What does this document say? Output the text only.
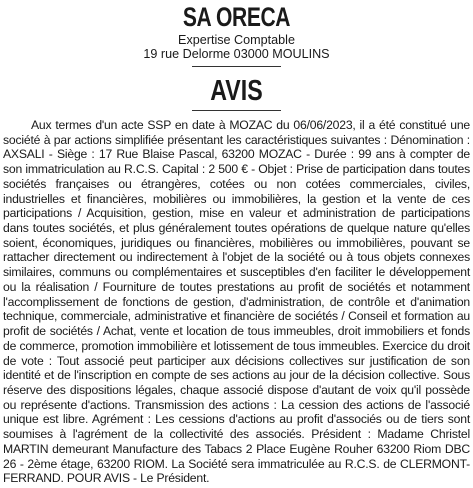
SA ORECA

Expertise Comptable

19 rue Delorme 03000 MOULINS

AVIS

Aux termes d'un acte SSP en date à MOZAC du 06/06/2023, il a été constitué une société à par actions simplifiée présentant les caractéristiques suivantes : Dénomination : AXSALI - Siège : 17 Rue Blaise Pascal, 63200 MOZAC - Durée : 99 ans à compter de son immatriculation au R.C.S. Capital : 2 500 € - Objet : Prise de participation dans toutes sociétés françaises ou étrangères, cotées ou non cotées commerciales, civiles, industrielles et financières, mobilières ou immobilières, la gestion et la vente de ces participations / Acquisition, gestion, mise en valeur et administration de participations dans toutes sociétés, et plus généralement toutes opérations de quelque nature qu'elles soient, économiques, juridiques ou financières, mobilières ou immobilières, pouvant se rattacher directement ou indirectement à l'objet de la société ou à tous objets connexes similaires, communs ou complémentaires et susceptibles d'en faciliter le développement ou la réalisation / Fourniture de toutes prestations au profit de sociétés et notamment l'accomplissement de fonctions de gestion, d'administration, de contrôle et d'animation technique, commerciale, administrative et financière de sociétés / Conseil et formation au profit de sociétés / Achat, vente et location de tous immeubles, droit immobiliers et fonds de commerce, promotion immobilière et lotissement de tous immeubles. Exercice du droit de vote : Tout associé peut participer aux décisions collectives sur justification de son identité et de l'inscription en compte de ses actions au jour de la décision collective. Sous réserve des dispositions légales, chaque associé dispose d'autant de voix qu'il possède ou représente d'actions. Transmission des actions : La cession des actions de l'associé unique est libre. Agrément : Les cessions d'actions au profit d'associés ou de tiers sont soumises à l'agrément de la collectivité des associés. Président : Madame Christel MARTIN demeurant Manufacture des Tabacs 2 Place Eugène Rouher 63200 Riom DBC 26 - 2ème étage, 63200 RIOM. La Société sera immatriculée au R.C.S. de CLERMONT-FERRAND. POUR AVIS - Le Président.
